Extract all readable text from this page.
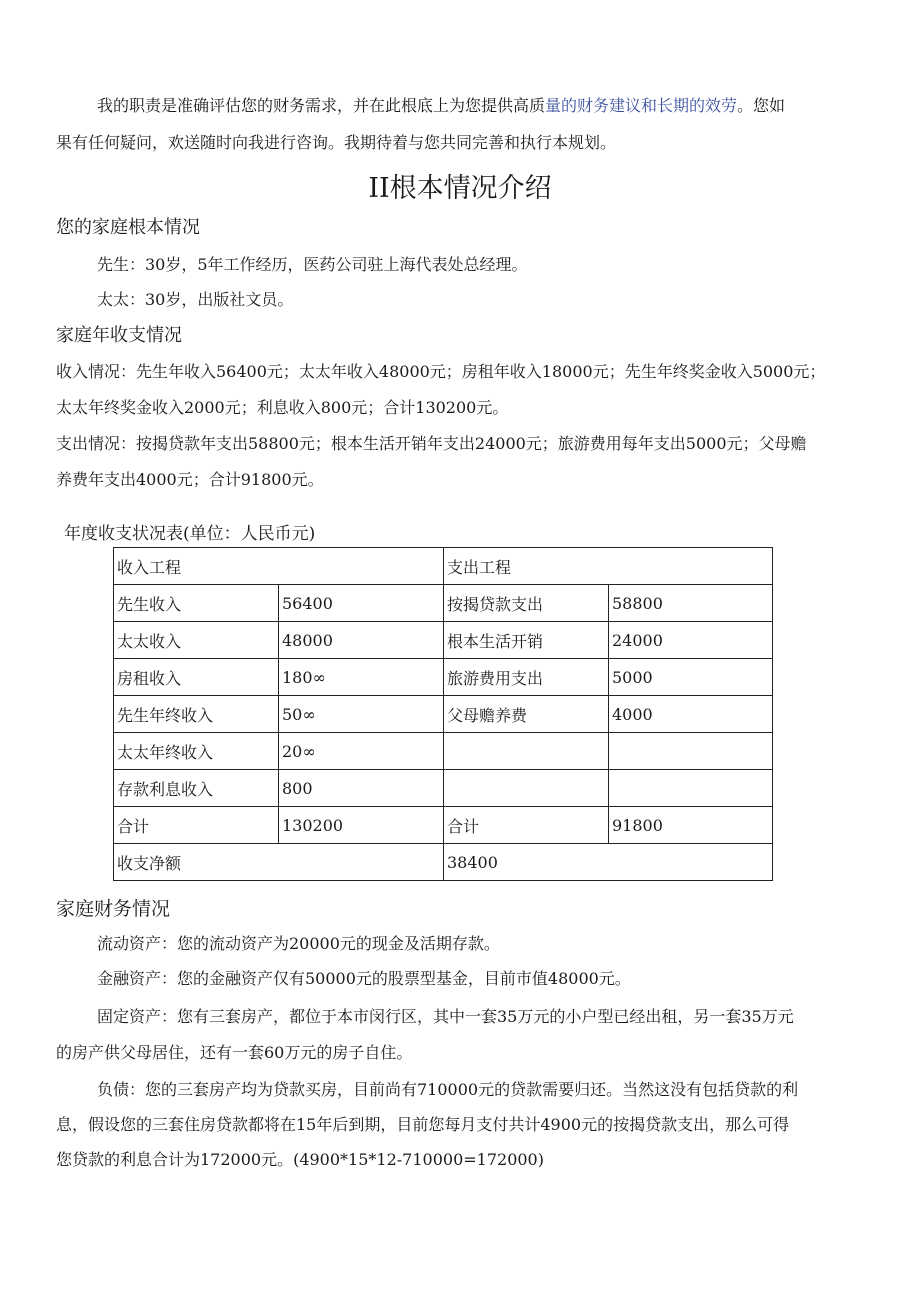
我的职责是准确评估您的财务需求，并在此根底上为您提供高质量的财务建议和长期的效劳。您如
果有任何疑问，欢送随时向我进行咨询。我期待着与您共同完善和执行本规划。
II根本情况介绍
您的家庭根本情况
先生：30岁，5年工作经历，医药公司驻上海代表处总经理。
太太：30岁，出版社文员。
家庭年收支情况
收入情况：先生年收入56400元；太太年收入48000元；房租年收入18000元；先生年终奖金收入5000元；
太太年终奖金收入2000元；利息收入800元；合计130200元。
支出情况：按揭贷款年支出58800元；根本生活开销年支出24000元；旅游费用每年支出5000元；父母赡
养费年支出4000元；合计91800元。
年度收支状况表(单位：人民币元)
收入工程		支出工程	
先生收入	56400	按揭贷款支出	58800
太太收入	48000	根本生活开销	24000
房租收入	180∞	旅游费用支出	5000
先生年终收入	50∞	父母赡养费	4000
太太年终收入	20∞		
存款利息收入	800		
合计	130200	合计	91800
收支净额		38400	
家庭财务情况
流动资产：您的流动资产为20000元的现金及活期存款。
金融资产：您的金融资产仅有50000元的股票型基金，目前市值48000元。
固定资产：您有三套房产，都位于本市闵行区，其中一套35万元的小户型已经出租，另一套35万元
的房产供父母居住，还有一套60万元的房子自住。
负债：您的三套房产均为贷款买房，目前尚有710000元的贷款需要归还。当然这没有包括贷款的利
息，假设您的三套住房贷款都将在15年后到期，目前您每月支付共计4900元的按揭贷款支出，那么可得
您贷款的利息合计为172000元。(4900*15*12-710000=172000)
